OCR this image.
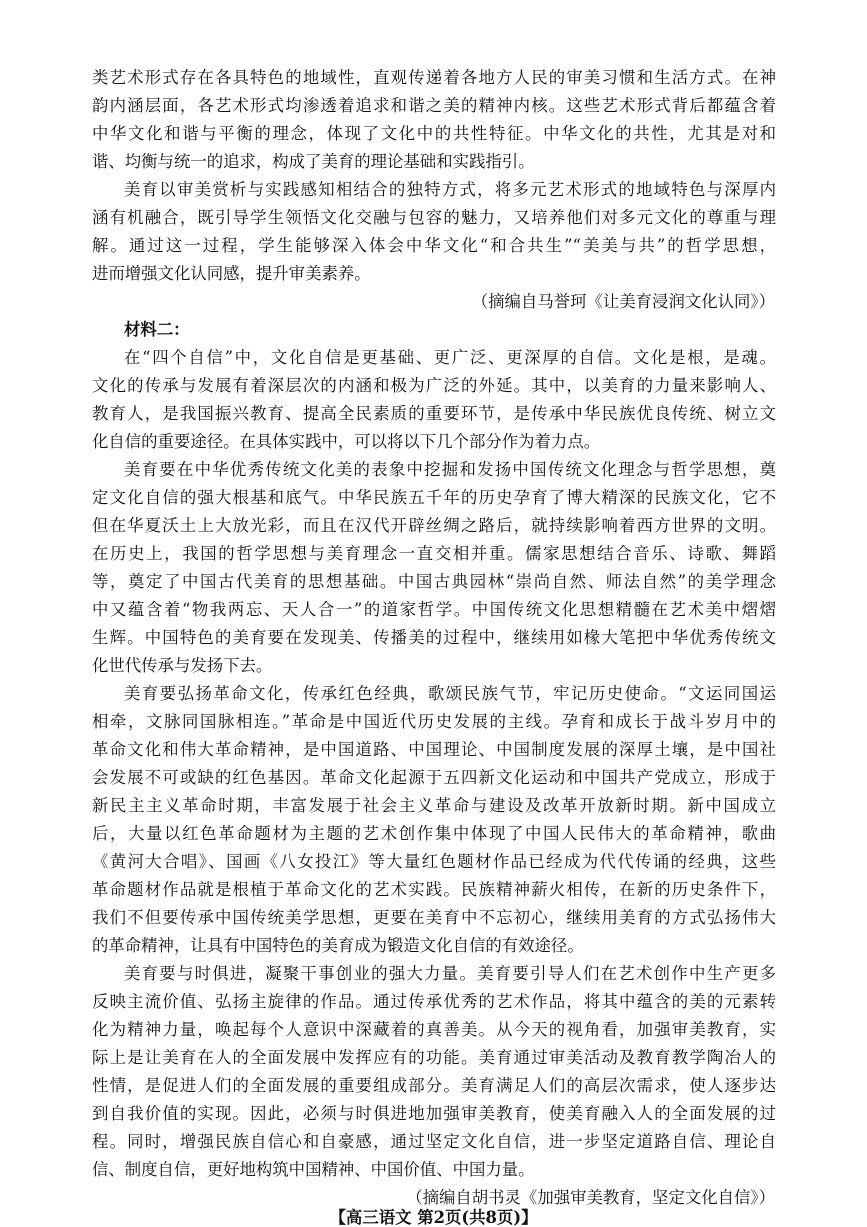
类艺术形式存在各具特色的地域性，直观传递着各地方人民的审美习惯和生活方式。在神
韵内涵层面，各艺术形式均渗透着追求和谐之美的精神内核。这些艺术形式背后都蕴含着
中华文化和谐与平衡的理念，体现了文化中的共性特征。中华文化的共性，尤其是对和
谐、均衡与统一的追求，构成了美育的理论基础和实践指引。
美育以审美赏析与实践感知相结合的独特方式，将多元艺术形式的地域特色与深厚内
涵有机融合，既引导学生领悟文化交融与包容的魅力，又培养他们对多元文化的尊重与理
解。通过这一过程，学生能够深入体会中华文化“和合共生”“美美与共”的哲学思想，
进而增强文化认同感，提升审美素养。
（摘编自马誉珂《让美育浸润文化认同》）
材料二：
在“四个自信”中，文化自信是更基础、更广泛、更深厚的自信。文化是根，是魂。
文化的传承与发展有着深层次的内涵和极为广泛的外延。其中，以美育的力量来影响人、
教育人，是我国振兴教育、提高全民素质的重要环节，是传承中华民族优良传统、树立文
化自信的重要途径。在具体实践中，可以将以下几个部分作为着力点。
美育要在中华优秀传统文化美的表象中挖掘和发扬中国传统文化理念与哲学思想，奠
定文化自信的强大根基和底气。中华民族五千年的历史孕育了博大精深的民族文化，它不
但在华夏沃土上大放光彩，而且在汉代开辟丝绸之路后，就持续影响着西方世界的文明。
在历史上，我国的哲学思想与美育理念一直交相并重。儒家思想结合音乐、诗歌、舞蹈
等，奠定了中国古代美育的思想基础。中国古典园林“崇尚自然、师法自然”的美学理念
中又蕴含着“物我两忘、天人合一”的道家哲学。中国传统文化思想精髓在艺术美中熠熠
生辉。中国特色的美育要在发现美、传播美的过程中，继续用如椽大笔把中华优秀传统文
化世代传承与发扬下去。
美育要弘扬革命文化，传承红色经典，歌颂民族气节，牢记历史使命。“文运同国运
相牵，文脉同国脉相连。”革命是中国近代历史发展的主线。孕育和成长于战斗岁月中的
革命文化和伟大革命精神，是中国道路、中国理论、中国制度发展的深厚土壤，是中国社
会发展不可或缺的红色基因。革命文化起源于五四新文化运动和中国共产党成立，形成于
新民主主义革命时期，丰富发展于社会主义革命与建设及改革开放新时期。新中国成立
后，大量以红色革命题材为主题的艺术创作集中体现了中国人民伟大的革命精神，歌曲
《黄河大合唱》、国画《八女投江》等大量红色题材作品已经成为代代传诵的经典，这些
革命题材作品就是根植于革命文化的艺术实践。民族精神薪火相传，在新的历史条件下，
我们不但要传承中国传统美学思想，更要在美育中不忘初心，继续用美育的方式弘扬伟大
的革命精神，让具有中国特色的美育成为锻造文化自信的有效途径。
美育要与时俱进，凝聚干事创业的强大力量。美育要引导人们在艺术创作中生产更多
反映主流价值、弘扬主旋律的作品。通过传承优秀的艺术作品，将其中蕴含的美的元素转
化为精神力量，唤起每个人意识中深藏着的真善美。从今天的视角看，加强审美教育，实
际上是让美育在人的全面发展中发挥应有的功能。美育通过审美活动及教育教学陶冶人的
性情，是促进人们的全面发展的重要组成部分。美育满足人们的高层次需求，使人逐步达
到自我价值的实现。因此，必须与时俱进地加强审美教育，使美育融入人的全面发展的过
程。同时，增强民族自信心和自豪感，通过坚定文化自信，进一步坚定道路自信、理论自
信、制度自信，更好地构筑中国精神、中国价值、中国力量。
（摘编自胡书灵《加强审美教育，坚定文化自信》）
【高三语文 第2页(共8页)】
